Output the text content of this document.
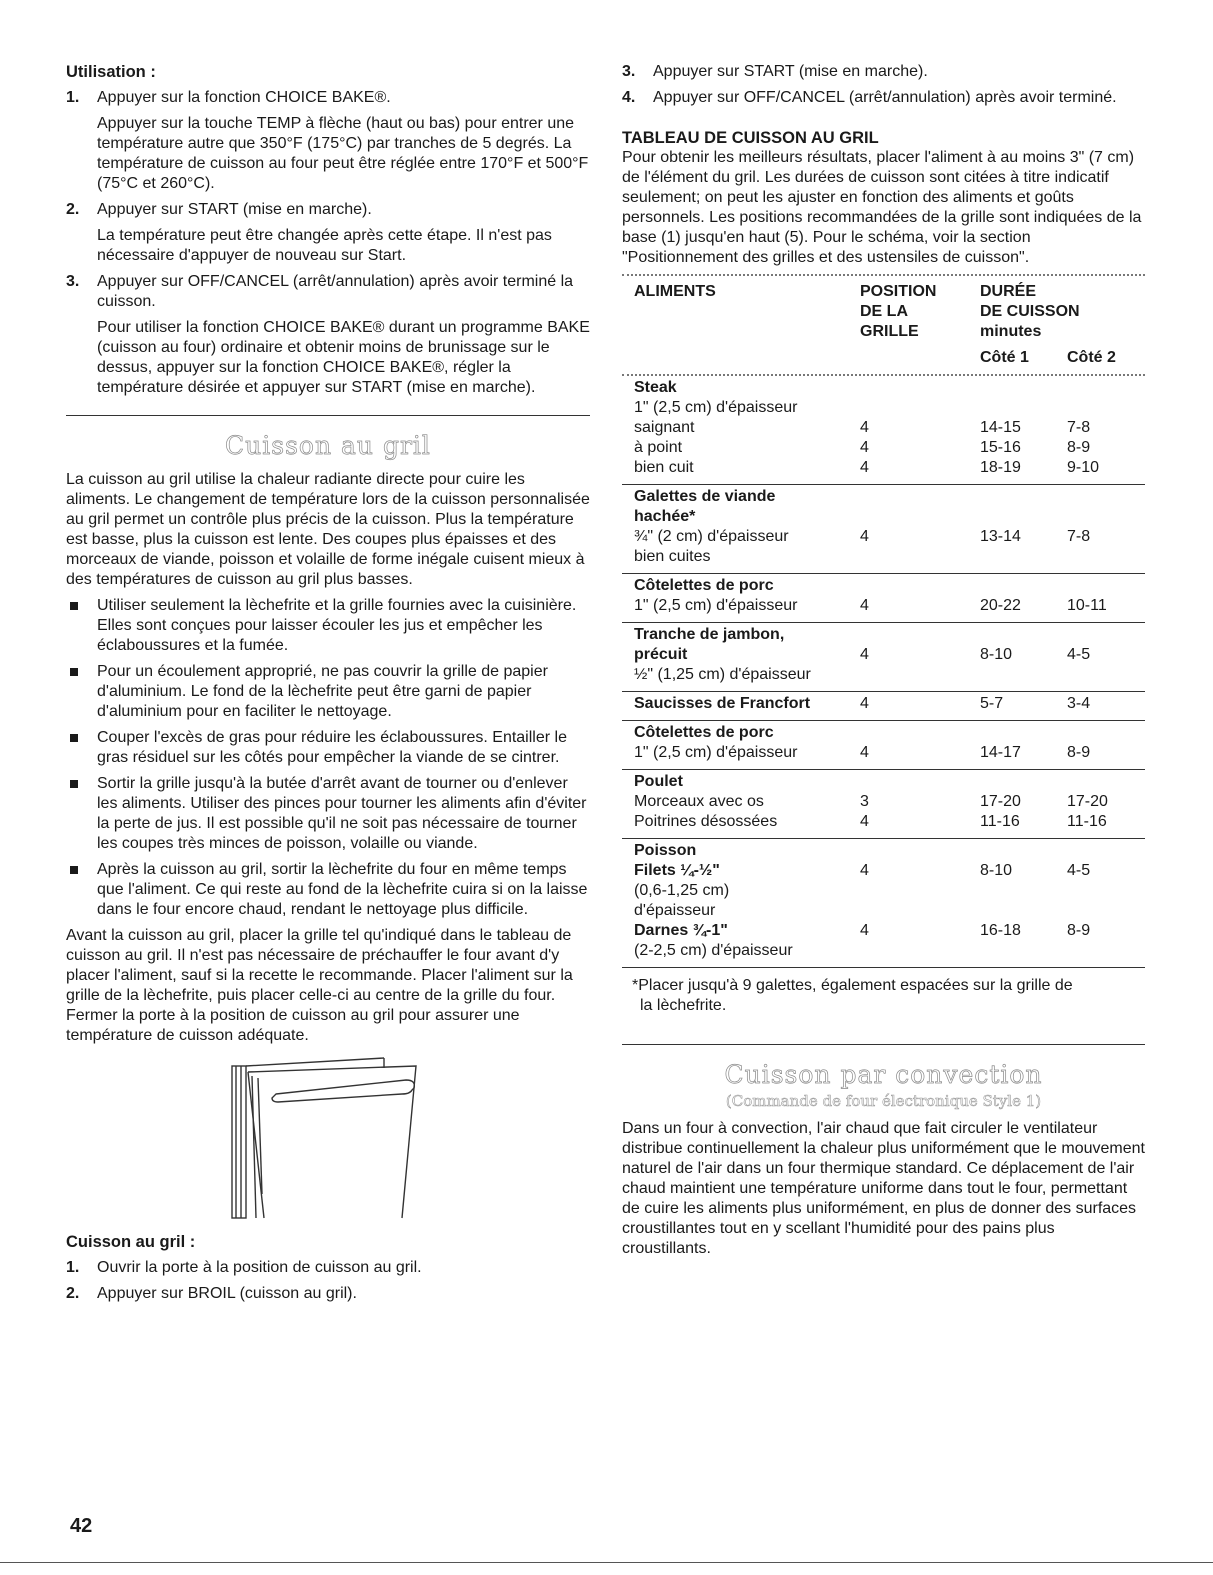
Utilisation :

1. Appuyer sur la fonction CHOICE BAKE®.

Appuyer sur la touche TEMP à flèche (haut ou bas) pour entrer une température autre que 350°F (175°C) par tranches de 5 degrés. La température de cuisson au four peut être réglée entre 170°F et 500°F (75°C et 260°C).

2. Appuyer sur START (mise en marche).

La température peut être changée après cette étape. Il n'est pas nécessaire d'appuyer de nouveau sur Start.

3. Appuyer sur OFF/CANCEL (arrêt/annulation) après avoir terminé la cuisson.

Pour utiliser la fonction CHOICE BAKE® durant un programme BAKE (cuisson au four) ordinaire et obtenir moins de brunissage sur le dessus, appuyer sur la fonction CHOICE BAKE®, régler la température désirée et appuyer sur START (mise en marche).

Cuisson au gril

La cuisson au gril utilise la chaleur radiante directe pour cuire les aliments. Le changement de température lors de la cuisson personnalisée au gril permet un contrôle plus précis de la cuisson. Plus la température est basse, plus la cuisson est lente. Des coupes plus épaisses et des morceaux de viande, poisson et volaille de forme inégale cuisent mieux à des températures de cuisson au gril plus basses.

Utiliser seulement la lèchefrite et la grille fournies avec la cuisinière. Elles sont conçues pour laisser écouler les jus et empêcher les éclaboussures et la fumée.
Pour un écoulement approprié, ne pas couvrir la grille de papier d'aluminium. Le fond de la lèchefrite peut être garni de papier d'aluminium pour en faciliter le nettoyage.
Couper l'excès de gras pour réduire les éclaboussures. Entailler le gras résiduel sur les côtés pour empêcher la viande de se cintrer.
Sortir la grille jusqu'à la butée d'arrêt avant de tourner ou d'enlever les aliments. Utiliser des pinces pour tourner les aliments afin d'éviter la perte de jus. Il est possible qu'il ne soit pas nécessaire de tourner les coupes très minces de poisson, volaille ou viande.
Après la cuisson au gril, sortir la lèchefrite du four en même temps que l'aliment. Ce qui reste au fond de la lèchefrite cuira si on la laisse dans le four encore chaud, rendant le nettoyage plus difficile.

Avant la cuisson au gril, placer la grille tel qu'indiqué dans le tableau de cuisson au gril. Il n'est pas nécessaire de préchauffer le four avant d'y placer l'aliment, sauf si la recette le recommande. Placer l'aliment sur la grille de la lèchefrite, puis placer celle-ci au centre de la grille du four. Fermer la porte à la position de cuisson au gril pour assurer une température de cuisson adéquate.

Cuisson au gril :

1. Ouvrir la porte à la position de cuisson au gril.

2. Appuyer sur BROIL (cuisson au gril).

3. Appuyer sur START (mise en marche).

4. Appuyer sur OFF/CANCEL (arrêt/annulation) après avoir terminé.

TABLEAU DE CUISSON AU GRIL

Pour obtenir les meilleurs résultats, placer l'aliment à au moins 3" (7 cm) de l'élément du gril. Les durées de cuisson sont citées à titre indicatif seulement; on peut les ajuster en fonction des aliments et goûts personnels. Les positions recommandées de la grille sont indiquées de la base (1) jusqu'en haut (5). Pour le schéma, voir la section "Positionnement des grilles et des ustensiles de cuisson".

ALIMENTS	POSITION
DE LA
GRILLE
DURÉE
DE CUISSON
minutes
Côté 1 Côté 2
Steak
1" (2,5 cm) d'épaisseur
saignant	4	14-15	7-8
à point	4	15-16	8-9
bien cuit	4	18-19	9-10
Galettes de viande
hachée*
¾" (2 cm) d'épaisseur	4	13-14	7-8
bien cuites
Côtelettes de porc
1" (2,5 cm) d'épaisseur	4	20-22	10-11
Tranche de jambon,
précuit	4	8-10	4-5
½" (1,25 cm) d'épaisseur
Saucisses de Francfort	4	5-7	3-4
Côtelettes de porc
1" (2,5 cm) d'épaisseur	4	14-17	8-9
Poulet
Morceaux avec os	3	17-20	17-20
Poitrines désossées	4	11-16	11-16
Poisson
Filets ¼-½"	4	8-10	4-5
(0,6-1,25 cm)
d'épaisseur
Darnes ¾-1"	4	16-18	8-9
(2-2,5 cm) d'épaisseur
*Placer jusqu'à 9 galettes, également espacées sur la grille de
la lèchefrite.
Cuisson par convection
(Commande de four électronique Style 1)

Dans un four à convection, l'air chaud que fait circuler le ventilateur distribue continuellement la chaleur plus uniformément que le mouvement naturel de l'air dans un four thermique standard. Ce déplacement de l'air chaud maintient une température uniforme dans tout le four, permettant de cuire les aliments plus uniformément, en plus de donner des surfaces croustillantes tout en y scellant l'humidité pour des pains plus croustillants.

42
